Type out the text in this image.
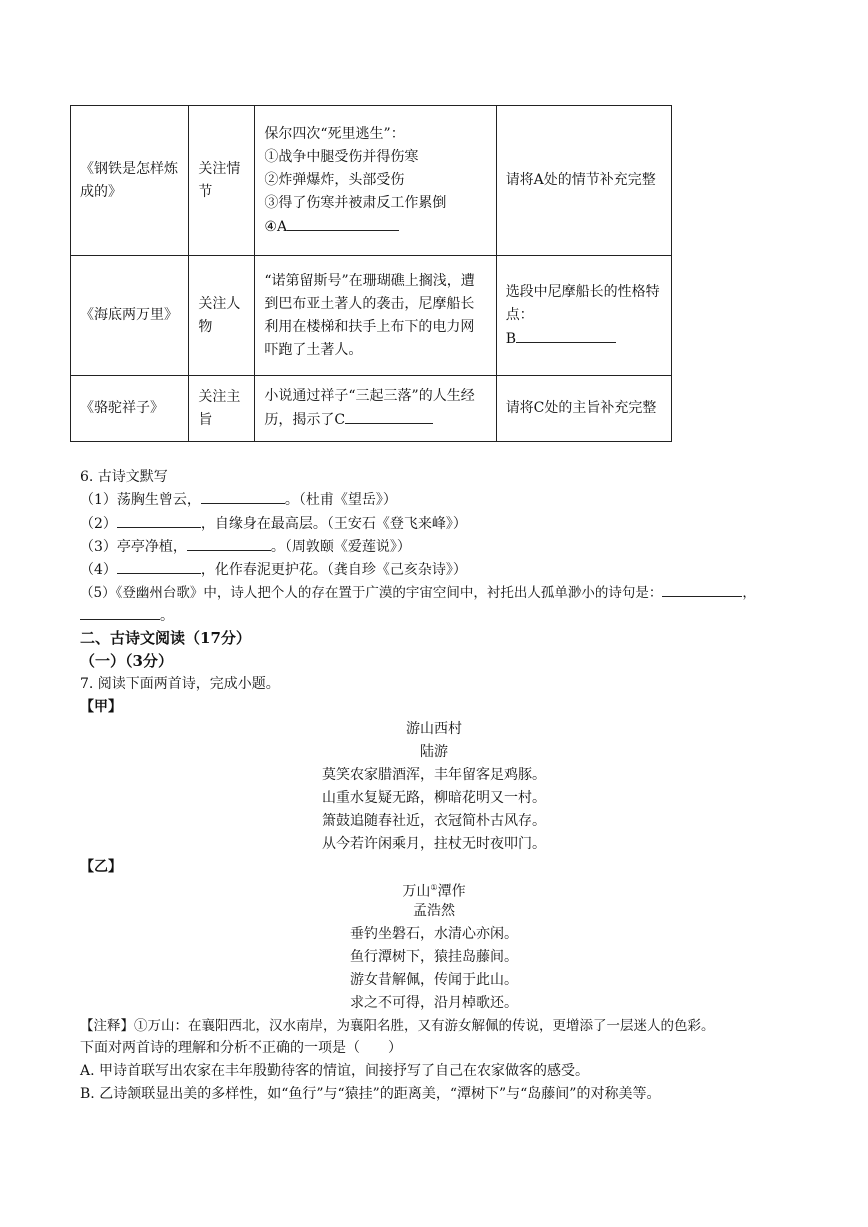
《钢铁是怎样炼成的》	关注情节	保尔四次“死里逃生”：
①战争中腿受伤并得伤寒
②炸弹爆炸，头部受伤
③得了伤寒并被肃反工作累倒
④A	请将A处的情节补充完整
《海底两万里》	关注人物	“诺第留斯号”在珊瑚礁上搁浅，遭到巴布亚土著人的袭击，尼摩船长利用在楼梯和扶手上布下的电力网吓跑了土著人。	选段中尼摩船长的性格特点：
B

《骆驼祥子》	关注主旨	小说通过祥子“三起三落”的人生经历，揭示了C	请将C处的主旨补充完整
6. 古诗文默写
（1）荡胸生曾云，	。（杜甫《望岳》）
（2）	，自缘身在最高层。（王安石《登飞来峰》）
（3）亭亭净植，	。（周敦颐《爱莲说》）
（4）	，化作春泥更护花。（龚自珍《己亥杂诗》）
（5）《登幽州台歌》中，诗人把个人的存在置于广漠的宇宙空间中，衬托出人孤单渺小的诗句是：	，
。
二、古诗文阅读（17分）
（一）（3分）
7. 阅读下面两首诗，完成小题。
【甲】
游山西村
陆游
莫笑农家腊酒浑，丰年留客足鸡豚。
山重水复疑无路，柳暗花明又一村。
箫鼓追随春社近，衣冠简朴古风存。
从今若许闲乘月，拄杖无时夜叩门。
【乙】
万山①潭作
孟浩然
垂钓坐磐石，水清心亦闲。
鱼行潭树下，猿挂岛藤间。
游女昔解佩，传闻于此山。
求之不可得，沿月棹歌还。
【注释】①万山：在襄阳西北，汉水南岸，为襄阳名胜，又有游女解佩的传说，更增添了一层迷人的色彩。
下面对两首诗的理解和分析不正确的一项是（　　）
A. 甲诗首联写出农家在丰年殷勤待客的情谊，间接抒写了自己在农家做客的感受。
B. 乙诗颔联显出美的多样性，如“鱼行”与“猿挂”的距离美，“潭树下”与“岛藤间”的对称美等。
